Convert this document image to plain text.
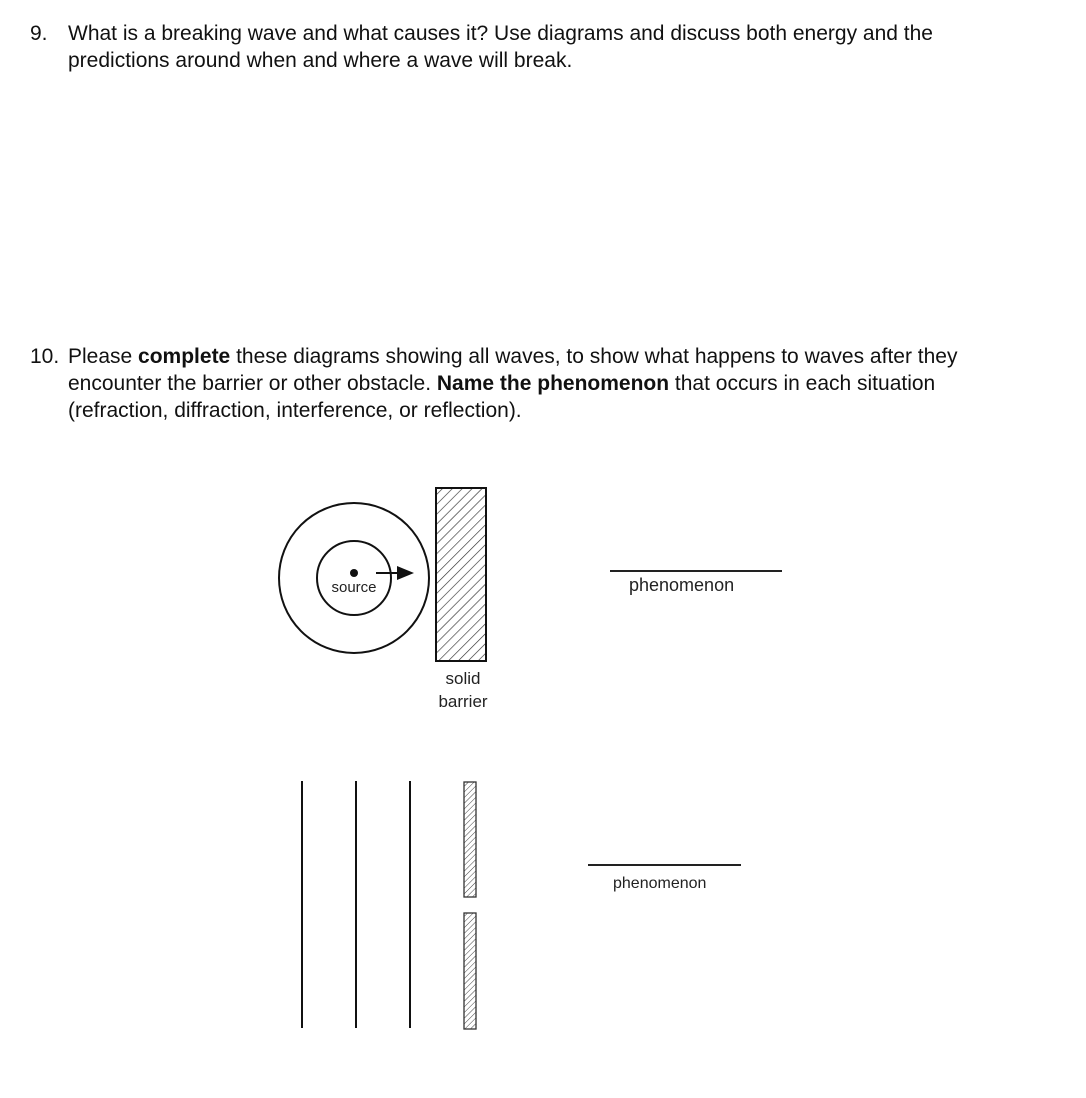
9. What is a breaking wave and what causes it? Use diagrams and discuss both energy and the predictions around when and where a wave will break.
10. Please complete these diagrams showing all waves, to show what happens to waves after they encounter the barrier or other obstacle. Name the phenomenon that occurs in each situation (refraction, diffraction, interference, or reflection).
source
solid
barrier
phenomenon
phenomenon
